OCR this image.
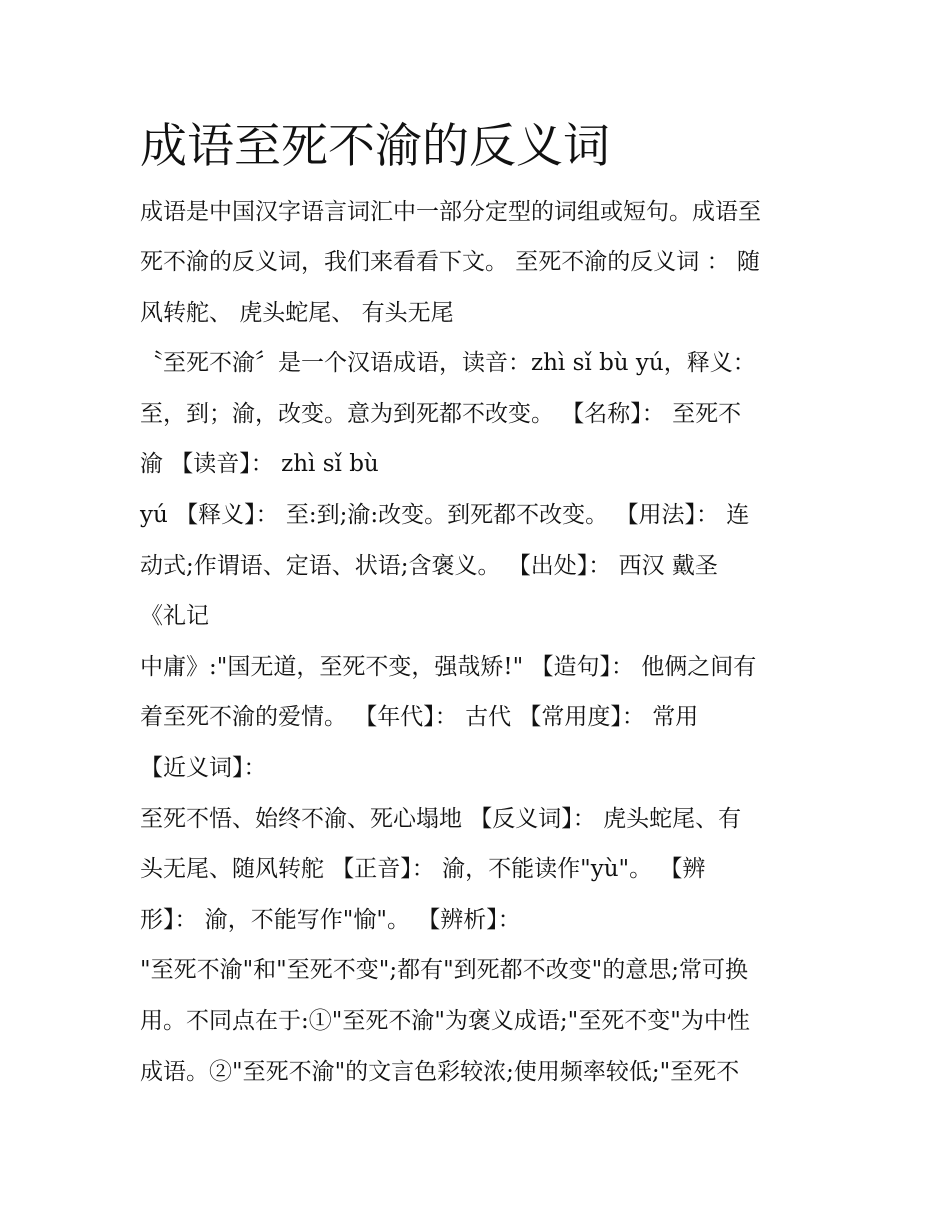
成语至死不渝的反义词

成语是中国汉字语言词汇中一部分定型的词组或短句。成语至

死不渝的反义词，我们来看看下文。 至死不渝的反义词 ： 随

风转舵、 虎头蛇尾、 有头无尾

〝至死不渝〞是一个汉语成语，读音：zhì sǐ bù yú，释义：

至，到；渝，改变。意为到死都不改变。 【名称】： 至死不

渝 【读音】： zhì sǐ bù

yú 【释义】： 至:到;渝:改变。到死都不改变。 【用法】： 连

动式;作谓语、定语、状语;含褒义。 【出处】： 西汉 戴圣

《礼记

中庸》:"国无道，至死不变，强哉矫!" 【造句】： 他俩之间有

着至死不渝的爱情。 【年代】： 古代 【常用度】： 常用

【近义词】：

至死不悟、始终不渝、死心塌地 【反义词】： 虎头蛇尾、有

头无尾、随风转舵 【正音】： 渝，不能读作"yù"。 【辨

形】： 渝，不能写作"愉"。 【辨析】：

"至死不渝"和"至死不变";都有"到死都不改变"的意思;常可换

用。不同点在于:①"至死不渝"为褒义成语;"至死不变"为中性

成语。②"至死不渝"的文言色彩较浓;使用频率较低;"至死不
